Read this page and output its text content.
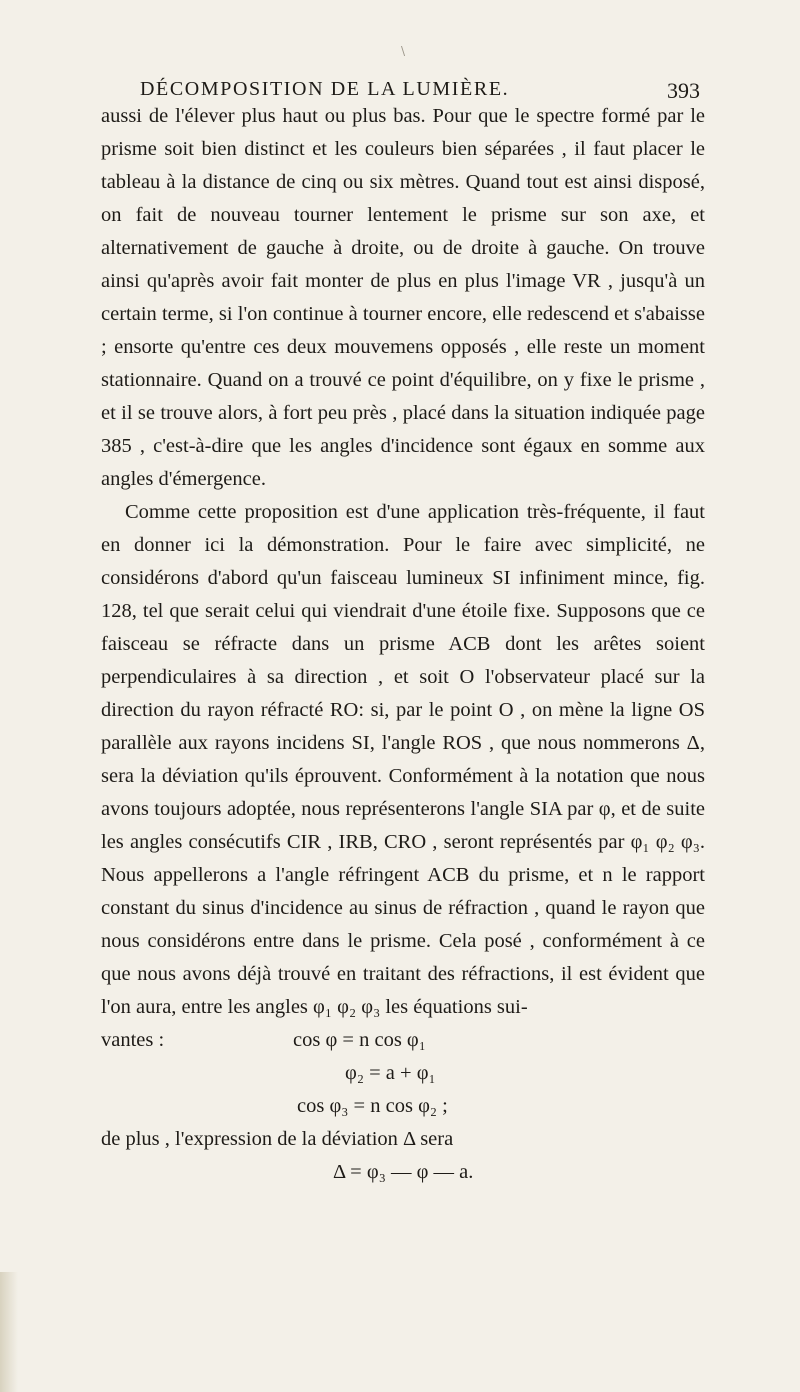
\
DÉCOMPOSITION DE LA LUMIÈRE.	393

aussi de l'élever plus haut ou plus bas. Pour que le spectre formé par le prisme soit bien distinct et les couleurs bien séparées , il faut placer le tableau à la distance de cinq ou six mètres. Quand tout est ainsi disposé, on fait de nouveau tourner lentement le prisme sur son axe, et alternativement de gauche à droite, ou de droite à gauche. On trouve ainsi qu'après avoir fait monter de plus en plus l'image VR , jusqu'à un certain terme, si l'on continue à tourner encore, elle redescend et s'abaisse ; ensorte qu'entre ces deux mouvemens opposés , elle reste un moment stationnaire. Quand on a trouvé ce point d'équilibre, on y fixe le prisme , et il se trouve alors, à fort peu près , placé dans la situation indiquée page 385 , c'est-à-dire que les angles d'incidence sont égaux en somme aux angles d'émergence.

Comme cette proposition est d'une application très-fréquente, il faut en donner ici la démonstration. Pour le faire avec simplicité, ne considérons d'abord qu'un faisceau lumineux SI infiniment mince, fig. 128, tel que serait celui qui viendrait d'une étoile fixe. Supposons que ce faisceau se réfracte dans un prisme ACB dont les arêtes soient perpendiculaires à sa direction , et soit O l'observateur placé sur la direction du rayon réfracté RO: si, par le point O , on mène la ligne OS parallèle aux rayons incidens SI, l'angle ROS , que nous nommerons Δ, sera la déviation qu'ils éprouvent. Conformément à la notation que nous avons toujours adoptée, nous représenterons l'angle SIA par φ, et de suite les angles consécutifs CIR , IRB, CRO , seront représentés par φ₁ φ₂ φ₃. Nous appellerons a l'angle réfringent ACB du prisme, et n le rapport constant du sinus d'incidence au sinus de réfraction , quand le rayon que nous considérons entre dans le prisme. Cela posé , conformément à ce que nous avons déjà trouvé en traitant des réfractions, il est évident que l'on aura, entre les angles φ₁ φ₂ φ₃ les équations sui-

vantes :	cos φ = n cos φ₁

φ₂ = a + φ₁

cos φ₃ = n cos φ₂ ;

de plus , l'expression de la déviation Δ sera

Δ = φ₃ — φ — a.
